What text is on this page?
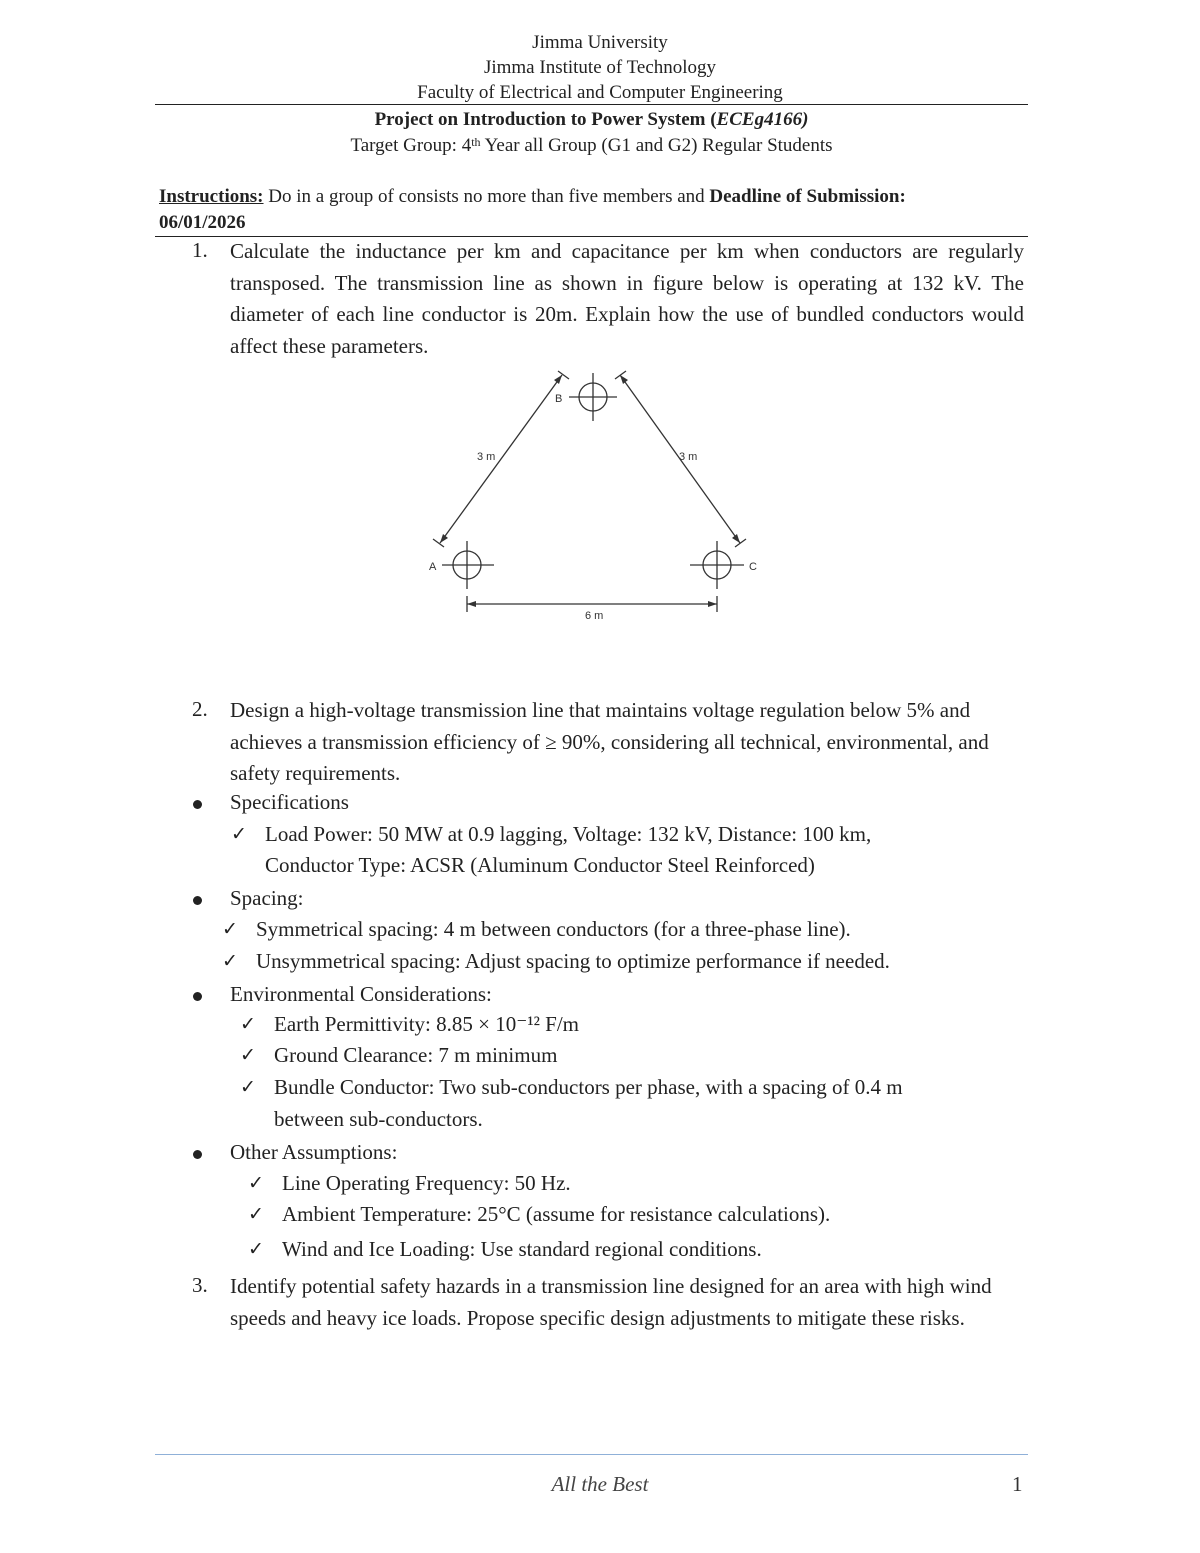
Jimma University
Jimma Institute of Technology
Faculty of Electrical and Computer Engineering
Project on Introduction to Power System (ECEg4166)
Target Group: 4th Year all Group (G1 and G2) Regular Students
Instructions: Do in a group of consists no more than five members and Deadline of Submission:
06/01/2026
1. Calculate the inductance per km and capacitance per km when conductors are regularly transposed. The transmission line as shown in figure below is operating at 132 kV. The diameter of each line conductor is 20m. Explain how the use of bundled conductors would affect these parameters.
B
A	C
3 m	3 m
6 m
2. Design a high-voltage transmission line that maintains voltage regulation below 5% and achieves a transmission efficiency of ≥ 90%, considering all technical, environmental, and safety requirements.
Specifications
✓ Load Power: 50 MW at 0.9 lagging, Voltage: 132 kV, Distance: 100 km,
Conductor Type: ACSR (Aluminum Conductor Steel Reinforced)
Spacing:
✓ Symmetrical spacing: 4 m between conductors (for a three-phase line).
✓ Unsymmetrical spacing: Adjust spacing to optimize performance if needed.
Environmental Considerations:
✓ Earth Permittivity: 8.85 × 10⁻¹² F/m
✓ Ground Clearance: 7 m minimum
✓ Bundle Conductor: Two sub-conductors per phase, with a spacing of 0.4 m
between sub-conductors.
Other Assumptions:
✓ Line Operating Frequency: 50 Hz.
✓ Ambient Temperature: 25°C (assume for resistance calculations).
✓ Wind and Ice Loading: Use standard regional conditions.
3. Identify potential safety hazards in a transmission line designed for an area with high wind speeds and heavy ice loads. Propose specific design adjustments to mitigate these risks.
All the Best	1
